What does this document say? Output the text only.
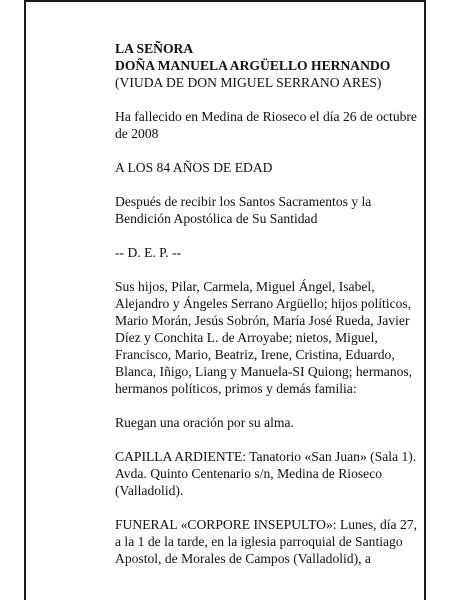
LA SEÑORA
DOÑA MANUELA ARGÜELLO HERNANDO
(VIUDA DE DON MIGUEL SERRANO ARES)

Ha fallecido en Medina de Rioseco el día 26 de octubre de 2008

A LOS 84 AÑOS DE EDAD

Después de recibir los Santos Sacramentos y la Bendición Apostólica de Su Santidad

-- D. E. P. --

Sus hijos, Pilar, Carmela, Miguel Ángel, Isabel, Alejandro y Ángeles Serrano Argüello; hijos políticos, Mario Morán, Jesús Sobrón, María José Rueda, Javier Díez y Conchita L. de Arroyabe; nietos, Miguel, Francisco, Mario, Beatriz, Irene, Cristina, Eduardo, Blanca, Iñigo, Liang y Manuela-SI Quiong; hermanos, hermanos políticos, primos y demás familia:

Ruegan una oración por su alma.

CAPILLA ARDIENTE: Tanatorio «San Juan» (Sala 1). Avda. Quinto Centenario s/n, Medina de Rioseco (Valladolid).

FUNERAL «CORPORE INSEPULTO»: Lunes, día 27, a la 1 de la tarde, en la iglesia parroquial de Santiago Apostol, de Morales de Campos (Valladolid), a
